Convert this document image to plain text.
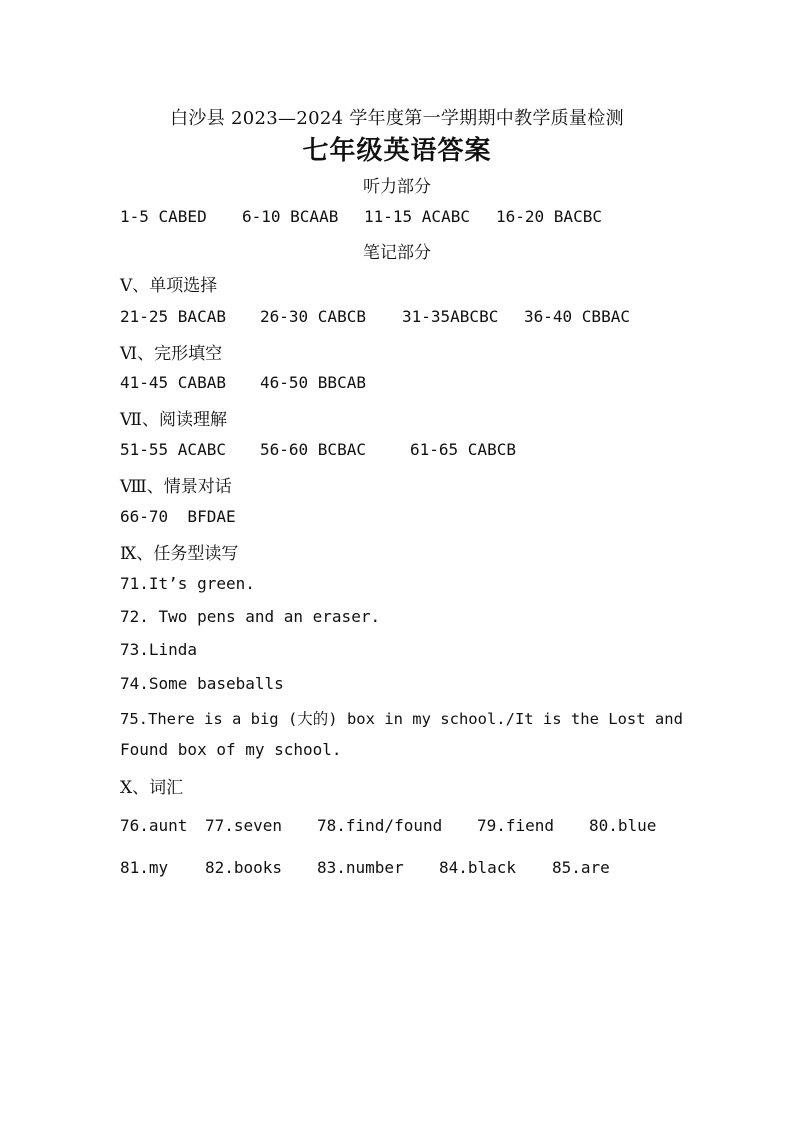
白沙县 2023—2024 学年度第一学期期中教学质量检测
七年级英语答案
听力部分
1-5 CABED 6-10 BCAAB 11-15 ACABC 16-20 BACBC
笔记部分
Ⅴ、单项选择
21-25 BACAB 26-30 CABCB 31-35ABCBC 36-40 CBBAC
Ⅵ、完形填空
41-45 CABAB 46-50 BBCAB
Ⅶ、阅读理解
51-55 ACABC 56-60 BCBAC	61-65 CABCB
Ⅷ、情景对话
66-70  BFDAE
Ⅸ、任务型读写
71.It’s green.
72. Two pens and an eraser.
73.Linda
74.Some baseballs
75.There is a big (大的) box in my school./It is the Lost and
Found box of my school.
Ⅹ、词汇
76.aunt 77.seven 78.find/found 79.fiend 80.blue
81.my 82.books 83.number 84.black 85.are
